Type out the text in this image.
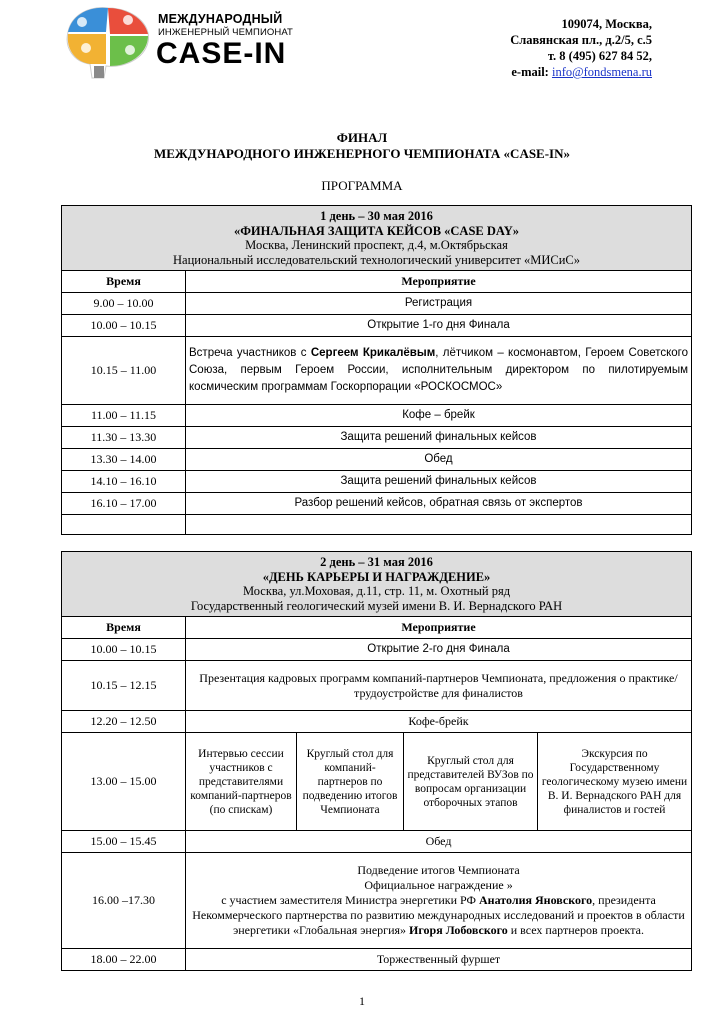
МЕЖДУНАРОДНЫЙ
ИНЖЕНЕРНЫЙ ЧЕМПИОНАТ
CASE-IN
109074, Москва,
Славянская пл., д.2/5, с.5
т. 8 (495) 627 84 52,
e-mail: info@fondsmena.ru
ФИНАЛ
МЕЖДУНАРОДНОГО ИНЖЕНЕРНОГО ЧЕМПИОНАТА «CASE-IN»
ПРОГРАММА
1 день – 30 мая 2016
«ФИНАЛЬНАЯ ЗАЩИТА КЕЙСОВ «CASE DAY»
Москва, Ленинский проспект, д.4, м.Октябрьская
Национальный исследовательский технологический университет «МИСиС»	
Время	Мероприятие
9.00 – 10.00	Регистрация
10.00 – 10.15	Открытие 1-го дня Финала
10.15 – 11.00	Встреча участников с Сергеем Крикалёвым, лётчиком – космонавтом, Героем Советского Союза, первым Героем России, исполнительным директором по пилотируемым космическим программам Госкорпорации «РОСКОСМОС»
11.00 – 11.15	Кофе – брейк
11.30 – 13.30	Защита решений финальных кейсов
13.30 – 14.00	Обед
14.10 – 16.10	Защита решений финальных кейсов
16.10 – 17.00	Разбор решений кейсов, обратная связь от экспертов

2 день – 31 мая 2016
«ДЕНЬ КАРЬЕРЫ И НАГРАЖДЕНИЕ»
Москва, ул.Моховая, д.11, стр. 11, м. Охотный ряд
Государственный геологический музей имени В. И. Вернадского РАН				
Время	Мероприятие			
10.00 – 10.15	Открытие 2-го дня Финала			
10.15 – 12.15	Презентация кадровых программ компаний-партнеров Чемпионата, предложения о практике/трудоустройстве для финалистов			
12.20 – 12.50	Кофе-брейк			
13.00 – 15.00	Интервью сессии участников с представителями компаний-партнеров (по спискам)	Круглый стол для компаний-партнеров по подведению итогов Чемпионата	Круглый стол для представителей ВУЗов по вопросам организации отборочных этапов	Экскурсия по Государственному геологическому музею имени В. И. Вернадского РАН для финалистов и гостей
15.00 – 15.45	Обед			
16.00 –17.30	Подведение итогов Чемпионата
Официальное награждение »
с участием заместителя Министра энергетики РФ Анатолия Яновского, президента Некоммерческого партнерства по развитию международных исследований и проектов в области энергетики «Глобальная энергия» Игоря Лобовского и всех партнеров проекта.			
18.00 – 22.00	Торжественный фуршет			
1
